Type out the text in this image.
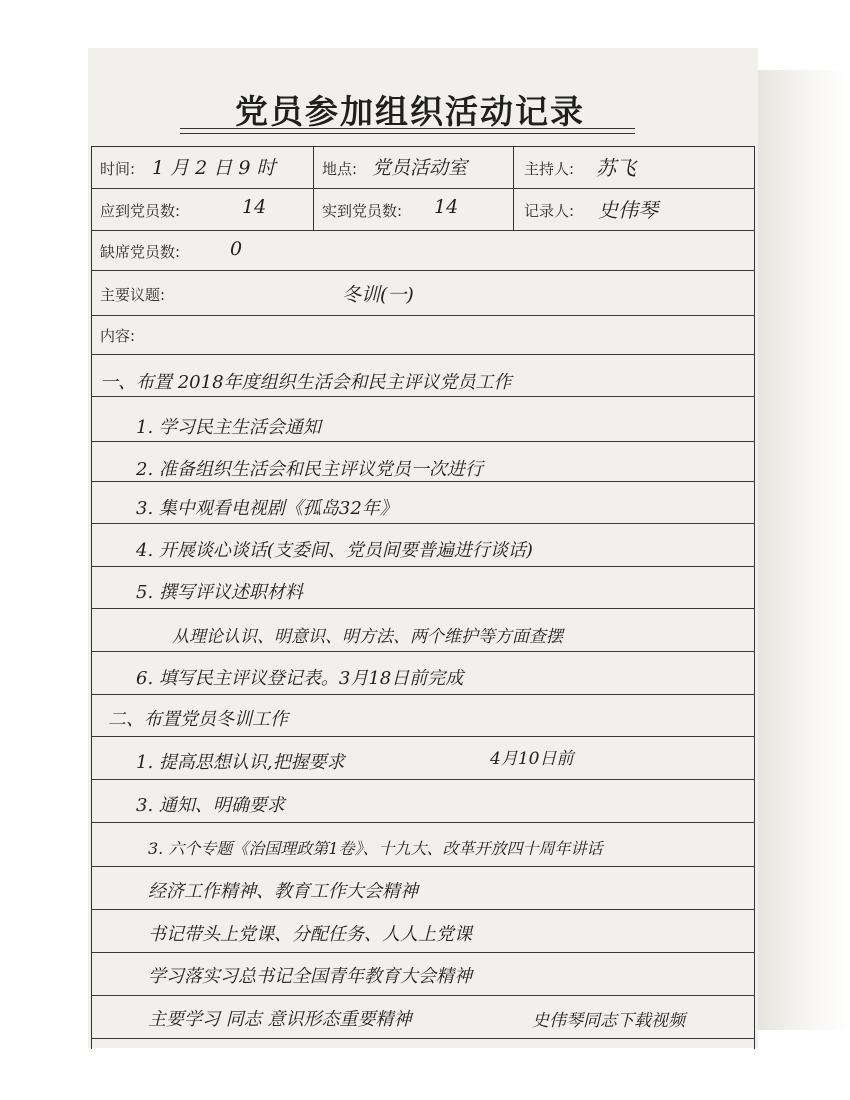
党员参加组织活动记录
时间: 1 月 2 日 9 时	地点: 党员活动室	主持人: 苏飞
应到党员数:	14	实到党员数: 14	记录人: 史伟琴
缺席党员数:	0
主要议题:	冬训(一)
内容:
一、布置 2018年度组织生活会和民主评议党员工作
1. 学习民主生活会通知
2. 准备组织生活会和民主评议党员一次进行
3. 集中观看电视剧《孤岛32年》
4. 开展谈心谈话(支委间、党员间要普遍进行谈话)
5. 撰写评议述职材料
从理论认识、明意识、明方法、两个维护等方面查摆
6. 填写民主评议登记表。3月18日前完成
二、布置党员冬训工作
1. 提高思想认识,把握要求	4月10日前
3. 通知、明确要求
3. 六个专题《治国理政第1卷》、十九大、改革开放四十周年讲话
经济工作精神、教育工作大会精神
书记带头上党课、分配任务、人人上党课
学习落实习总书记全国青年教育大会精神
主要学习 同志 意识形态重要精神	史伟琴同志下载视频
